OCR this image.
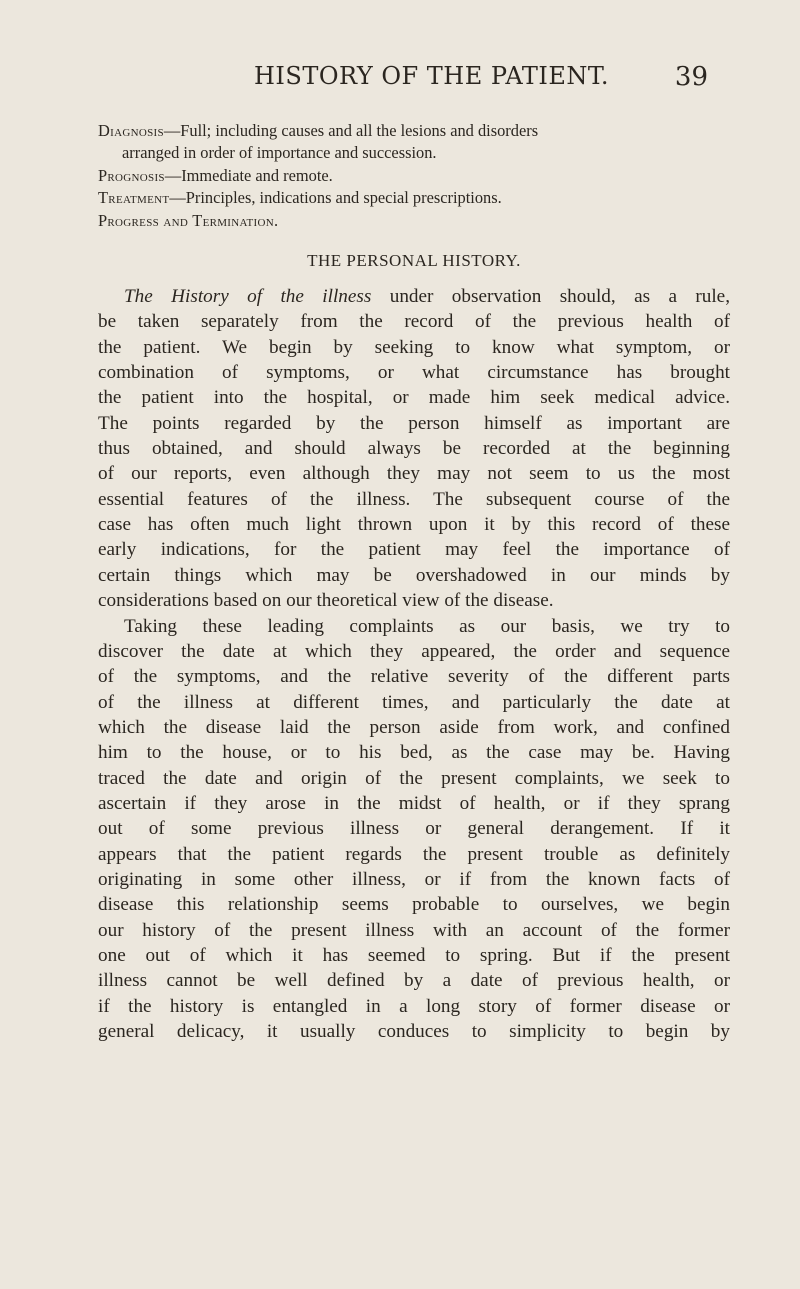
HISTORY OF THE PATIENT.	39
Diagnosis—Full; including causes and all the lesions and disorders
arranged in order of importance and succession.
Prognosis—Immediate and remote.
Treatment—Principles, indications and special prescriptions.
Progress and Termination.
THE PERSONAL HISTORY.
The History of the illness under observation should, as a rule,
be taken separately from the record of the previous health of
the patient. We begin by seeking to know what symptom, or
combination of symptoms, or what circumstance has brought
the patient into the hospital, or made him seek medical advice.
The points regarded by the person himself as important are
thus obtained, and should always be recorded at the beginning
of our reports, even although they may not seem to us the most
essential features of the illness. The subsequent course of the
case has often much light thrown upon it by this record of these
early indications, for the patient may feel the importance of
certain things which may be overshadowed in our minds by
considerations based on our theoretical view of the disease.
Taking these leading complaints as our basis, we try to
discover the date at which they appeared, the order and sequence
of the symptoms, and the relative severity of the different parts
of the illness at different times, and particularly the date at
which the disease laid the person aside from work, and confined
him to the house, or to his bed, as the case may be. Having
traced the date and origin of the present complaints, we seek to
ascertain if they arose in the midst of health, or if they sprang
out of some previous illness or general derangement. If it
appears that the patient regards the present trouble as definitely
originating in some other illness, or if from the known facts of
disease this relationship seems probable to ourselves, we begin
our history of the present illness with an account of the former
one out of which it has seemed to spring. But if the present
illness cannot be well defined by a date of previous health, or
if the history is entangled in a long story of former disease or
general delicacy, it usually conduces to simplicity to begin by
